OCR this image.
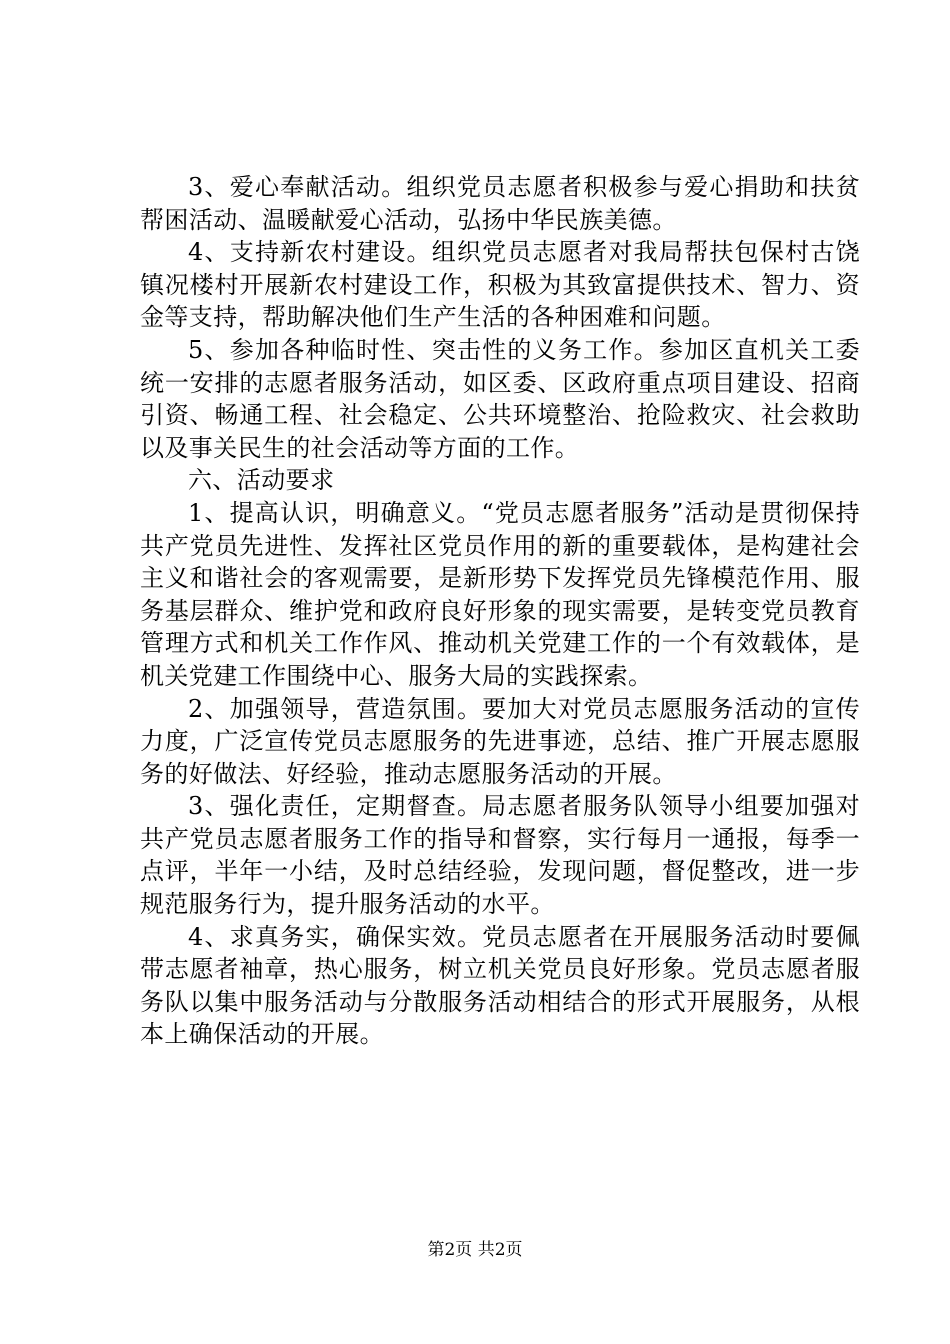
3、爱心奉献活动。组织党员志愿者积极参与爱心捐助和扶贫帮困活动、温暖献爱心活动，弘扬中华民族美德。

4、支持新农村建设。组织党员志愿者对我局帮扶包保村古饶镇况楼村开展新农村建设工作，积极为其致富提供技术、智力、资金等支持，帮助解决他们生产生活的各种困难和问题。

5、参加各种临时性、突击性的义务工作。参加区直机关工委统一安排的志愿者服务活动，如区委、区政府重点项目建设、招商引资、畅通工程、社会稳定、公共环境整治、抢险救灾、社会救助以及事关民生的社会活动等方面的工作。

六、活动要求

1、提高认识，明确意义。“党员志愿者服务”活动是贯彻保持共产党员先进性、发挥社区党员作用的新的重要载体，是构建社会主义和谐社会的客观需要，是新形势下发挥党员先锋模范作用、服务基层群众、维护党和政府良好形象的现实需要，是转变党员教育管理方式和机关工作作风、推动机关党建工作的一个有效载体，是机关党建工作围绕中心、服务大局的实践探索。

2、加强领导，营造氛围。要加大对党员志愿服务活动的宣传力度，广泛宣传党员志愿服务的先进事迹，总结、推广开展志愿服务的好做法、好经验，推动志愿服务活动的开展。

3、强化责任，定期督查。局志愿者服务队领导小组要加强对共产党员志愿者服务工作的指导和督察，实行每月一通报，每季一点评，半年一小结，及时总结经验，发现问题，督促整改，进一步规范服务行为，提升服务活动的水平。

4、求真务实，确保实效。党员志愿者在开展服务活动时要佩带志愿者袖章，热心服务，树立机关党员良好形象。党员志愿者服务队以集中服务活动与分散服务活动相结合的形式开展服务，从根本上确保活动的开展。

第2页 共2页
